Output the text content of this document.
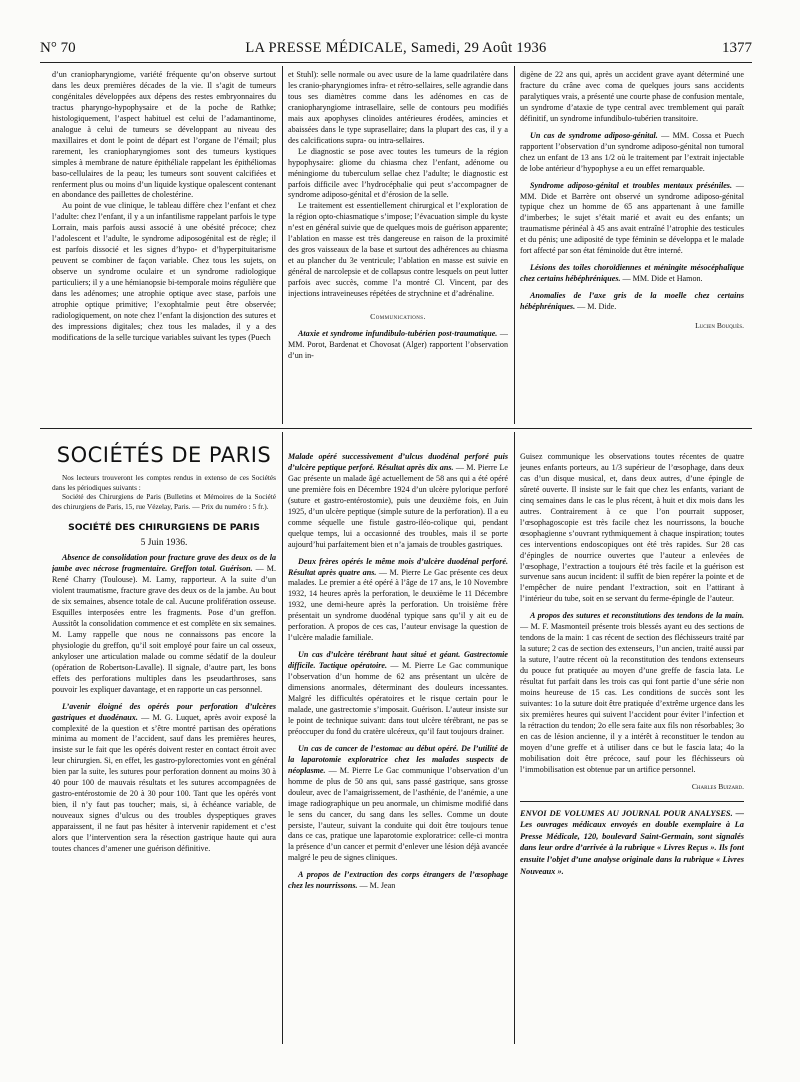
N° 70	LA PRESSE MÉDICALE, Samedi, 29 Août 1936	1377

d’un craniopharyngiome, variété fréquente qu’on observe surtout dans les deux premières décades de la vie. Il s’agit de tumeurs congénitales développées aux dépens des restes embryonnaires du tractus pharyngo-hypophysaire et de la poche de Rathke; histologiquement, l’aspect habituel est celui de l’adamantinome, analogue à celui de tumeurs se développant au niveau des maxillaires et dont le point de départ est l’organe de l’émail; plus rarement, les craniopharyngiomes sont des tumeurs kystiques simples à membrane de nature épithéliale rappelant les épithéliomas baso-cellulaires de la peau; les tumeurs sont souvent calcifiées et renferment plus ou moins d’un liquide kystique opalescent contenant en abondance des paillettes de cholestérine.

Au point de vue clinique, le tableau diffère chez l’enfant et chez l’adulte: chez l’enfant, il y a un infantilisme rappelant parfois le type Lorrain, mais parfois aussi associé à une obésité précoce; chez l’adolescent et l’adulte, le syndrome adiposogénital est de règle; il est parfois dissocié et les signes d’hypo- et d’hyperpituitarisme peuvent se combiner de façon variable. Chez tous les sujets, on observe un syndrome oculaire et un syndrome radiologique particuliers; il y a une hémianopsie bi-temporale moins régulière que dans les adénomes; une atrophie optique avec stase, parfois une atrophie optique primitive; l’exophtalmie peut être observée; radiologiquement, on note chez l’enfant la disjonction des sutures et des impressions digitales; chez tous les malades, il y a des modifications de la selle turcique variables suivant les types (Puech

et Stuhl): selle normale ou avec usure de la lame quadrilatère dans les cranio-pharyngiomes infra- et rétro-sellaires, selle agrandie dans tous ses diamètres comme dans les adénomes en cas de craniopharyngiome intrasellaire, selle de contours peu modifiés mais aux apophyses clinoïdes antérieures érodées, amincies et abaissées dans le type suprasellaire; dans la plupart des cas, il y a des calcifications supra- ou intra-sellaires.

Le diagnostic se pose avec toutes les tumeurs de la région hypophysaire: gliome du chiasma chez l’enfant, adénome ou méningiome du tuberculum sellae chez l’adulte; le diagnostic est parfois difficile avec l’hydrocéphalie qui peut s’accompagner de syndrome adiposo-génital et d’érosion de la selle.

Le traitement est essentiellement chirurgical et l’exploration de la région opto-chiasmatique s’impose; l’évacuation simple du kyste n’est en général suivie que de quelques mois de guérison apparente; l’ablation en masse est très dangereuse en raison de la proximité des gros vaisseaux de la base et surtout des adhérences au chiasma et au plancher du 3e ventricule; l’ablation en masse est suivie en général de narcolepsie et de collapsus contre lesquels on peut lutter parfois avec succès, comme l’a montré Cl. Vincent, par des injections intraveineuses répétées de strychnine et d’adrénaline.

Communications.

Ataxie et syndrome infundibulo-tubérien post-traumatique. — MM. Porot, Bardenat et Chovosat (Alger) rapportent l’observation d’un in-

digène de 22 ans qui, après un accident grave ayant déterminé une fracture du crâne avec coma de quelques jours sans accidents paralytiques vrais, a présenté une courte phase de confusion mentale, un syndrome d’ataxie de type central avec tremblement qui paraît définitif, un syndrome infundibulo-tubérien transitoire.

Un cas de syndrome adiposo-génital. — MM. Cossa et Puech rapportent l’observation d’un syndrome adiposo-génital non tumoral chez un enfant de 13 ans 1/2 où le traitement par l’extrait injectable de lobe antérieur d’hypophyse a eu un effet remarquable.

Syndrome adiposo-génital et troubles mentaux préséniles. — MM. Dide et Barrère ont observé un syndrome adiposo-génital typique chez un homme de 65 ans appartenant à une famille d’imberbes; le sujet s’était marié et avait eu des enfants; un traumatisme périnéal à 45 ans avait entraîné l’atrophie des testicules et du pénis; une adiposité de type féminin se développa et le malade fort affecté par son état féminoïde dut être interné.

Lésions des toiles choroïdiennes et méningite mésocéphalique chez certains hébéphréniques. — MM. Dide et Hamon.

Anomalies de l’axe gris de la moelle chez certains hébéphréniques. — M. Dide.

Lucien Bouquès.

SOCIÉTÉS DE PARIS

Nos lecteurs trouveront les comptes rendus in extenso de ces Sociétés dans les périodiques suivants :

Société des Chirurgiens de Paris (Bulletins et Mémoires de la Société des chirurgiens de Paris, 15, rue Vézelay, Paris. — Prix du numéro : 5 fr.).

SOCIÉTÉ DES CHIRURGIENS DE PARIS
5 Juin 1936.

Absence de consolidation pour fracture grave des deux os de la jambe avec nécrose fragmentaire. Greffon total. Guérison. — M. René Charry (Toulouse). M. Lamy, rapporteur. A la suite d’un violent traumatisme, fracture grave des deux os de la jambe. Au bout de six semaines, absence totale de cal. Aucune prolifération osseuse. Esquilles interposées entre les fragments. Pose d’un greffon. Aussitôt la consolidation commence et est complète en six semaines. M. Lamy rappelle que nous ne connaissons pas encore la physiologie du greffon, qu’il soit employé pour faire un cal osseux, ankyloser une articulation malade ou comme sédatif de la douleur (opération de Robertson-Lavalle). Il signale, d’autre part, les bons effets des perforations multiples dans les pseudarthroses, sans pouvoir les expliquer davantage, et en rapporte un cas personnel.

L’avenir éloigné des opérés pour perforation d’ulcères gastriques et duodénaux. — M. G. Luquet, après avoir exposé la complexité de la question et s’être montré partisan des opérations minima au moment de l’accident, sauf dans les premières heures, insiste sur le fait que les opérés doivent rester en contact étroit avec leur chirurgien. Si, en effet, les gastro-pylorectomies vont en général bien par la suite, les sutures pour perforation donnent au moins 30 à 40 pour 100 de mauvais résultats et les sutures accompagnées de gastro-entérostomie de 20 à 30 pour 100. Tant que les opérés vont bien, il n’y faut pas toucher; mais, si, à échéance variable, de nouveaux signes d’ulcus ou des troubles dyspeptiques graves apparaissent, il ne faut pas hésiter à intervenir rapidement et c’est alors que l’intervention sera la résection gastrique haute qui aura toutes chances d’amener une guérison définitive.

Malade opéré successivement d’ulcus duodénal perforé puis d’ulcère peptique perforé. Résultat après dix ans. — M. Pierre Le Gac présente un malade âgé actuellement de 58 ans qui a été opéré une première fois en Décembre 1924 d’un ulcère pylorique perforé (suture et gastro-entérostomie), puis une deuxième fois, en Juin 1925, d’un ulcère peptique (simple suture de la perforation). Il a eu comme séquelle une fistule gastro-iléo-colique qui, pendant quelque temps, lui a occasionné des troubles, mais il se porte aujourd’hui parfaitement bien et n’a jamais de troubles gastriques.

Deux frères opérés le même mois d’ulcère duodénal perforé. Résultat après quatre ans. — M. Pierre Le Gac présente ces deux malades. Le premier a été opéré à l’âge de 17 ans, le 10 Novembre 1932, 14 heures après la perforation, le deuxième le 11 Décembre 1932, une demi-heure après la perforation. Un troisième frère présentait un syndrome duodénal typique sans qu’il y ait eu de perforation. A propos de ces cas, l’auteur envisage la question de l’ulcère maladie familiale.

Un cas d’ulcère térébrant haut situé et géant. Gastrectomie difficile. Tactique opératoire. — M. Pierre Le Gac communique l’observation d’un homme de 62 ans présentant un ulcère de dimensions anormales, déterminant des douleurs incessantes. Malgré les difficultés opératoires et le risque certain pour le malade, une gastrectomie s’imposait. Guérison. L’auteur insiste sur le point de technique suivant: dans tout ulcère térébrant, ne pas se préoccuper du fond du cratère ulcéreux, qu’il faut toujours drainer.

Un cas de cancer de l’estomac au début opéré. De l’utilité de la laparotomie exploratrice chez les malades suspects de néoplasme. — M. Pierre Le Gac communique l’observation d’un homme de plus de 50 ans qui, sans passé gastrique, sans grosse douleur, avec de l’amaigrissement, de l’asthénie, de l’anémie, a une image radiographique un peu anormale, un chimisme modifié dans le sens du cancer, du sang dans les selles. Comme un doute persiste, l’auteur, suivant la conduite qui doit être toujours tenue dans ce cas, pratique une laparotomie exploratrice: celle-ci montra la présence d’un cancer et permit d’enlever une lésion déjà avancée malgré le peu de signes cliniques.

A propos de l’extraction des corps étrangers de l’œsophage chez les nourrissons. — M. Jean

Guisez communique les observations toutes récentes de quatre jeunes enfants porteurs, au 1/3 supérieur de l’œsophage, dans deux cas d’un disque musical, et, dans deux autres, d’une épingle de sûreté ouverte. Il insiste sur le fait que chez les enfants, variant de cinq semaines dans le cas le plus récent, à huit et dix mois dans les autres. Contrairement à ce que l’on pourrait supposer, l’œsophagoscopie est très facile chez les nourrissons, la bouche œsophagienne s’ouvrant rythmiquement à chaque inspiration; toutes ces interventions endoscopiques ont été très rapides. Sur 28 cas d’épingles de nourrice ouvertes que l’auteur a enlevées de l’œsophage, l’extraction a toujours été très facile et la guérison est survenue sans aucun incident: il suffit de bien repérer la pointe et de l’empêcher de nuire pendant l’extraction, soit en l’attirant à l’intérieur du tube, soit en se servant du ferme-épingle de l’auteur.

A propos des sutures et reconstitutions des tendons de la main. — M. F. Masmonteil présente trois blessés ayant eu des sections de tendons de la main: 1 cas récent de section des fléchisseurs traité par la suture; 2 cas de section des extenseurs, l’un ancien, traité aussi par la suture, l’autre récent où la reconstitution des tendons extenseurs du pouce fut pratiquée au moyen d’une greffe de fascia lata. Le résultat fut parfait dans les trois cas qui font partie d’une série non moins heureuse de 15 cas. Les conditions de succès sont les suivantes: 1o la suture doit être pratiquée d’extrême urgence dans les six premières heures qui suivent l’accident pour éviter l’infection et la rétraction du tendon; 2o elle sera faite aux fils non résorbables; 3o en cas de lésion ancienne, il y a intérêt à reconstituer le tendon au moyen d’une greffe et à utiliser dans ce but le fascia lata; 4o la mobilisation doit être précoce, sauf pour les fléchisseurs où l’immobilisation est obtenue par un artifice personnel.

Charles Buizard.

ENVOI DE VOLUMES AU JOURNAL POUR ANALYSES. — Les ouvrages médicaux envoyés en double exemplaire à La Presse Médicale, 120, boulevard Saint-Germain, sont signalés dans leur ordre d’arrivée à la rubrique « Livres Reçus ». Ils font ensuite l’objet d’une analyse originale dans la rubrique « Livres Nouveaux ».
